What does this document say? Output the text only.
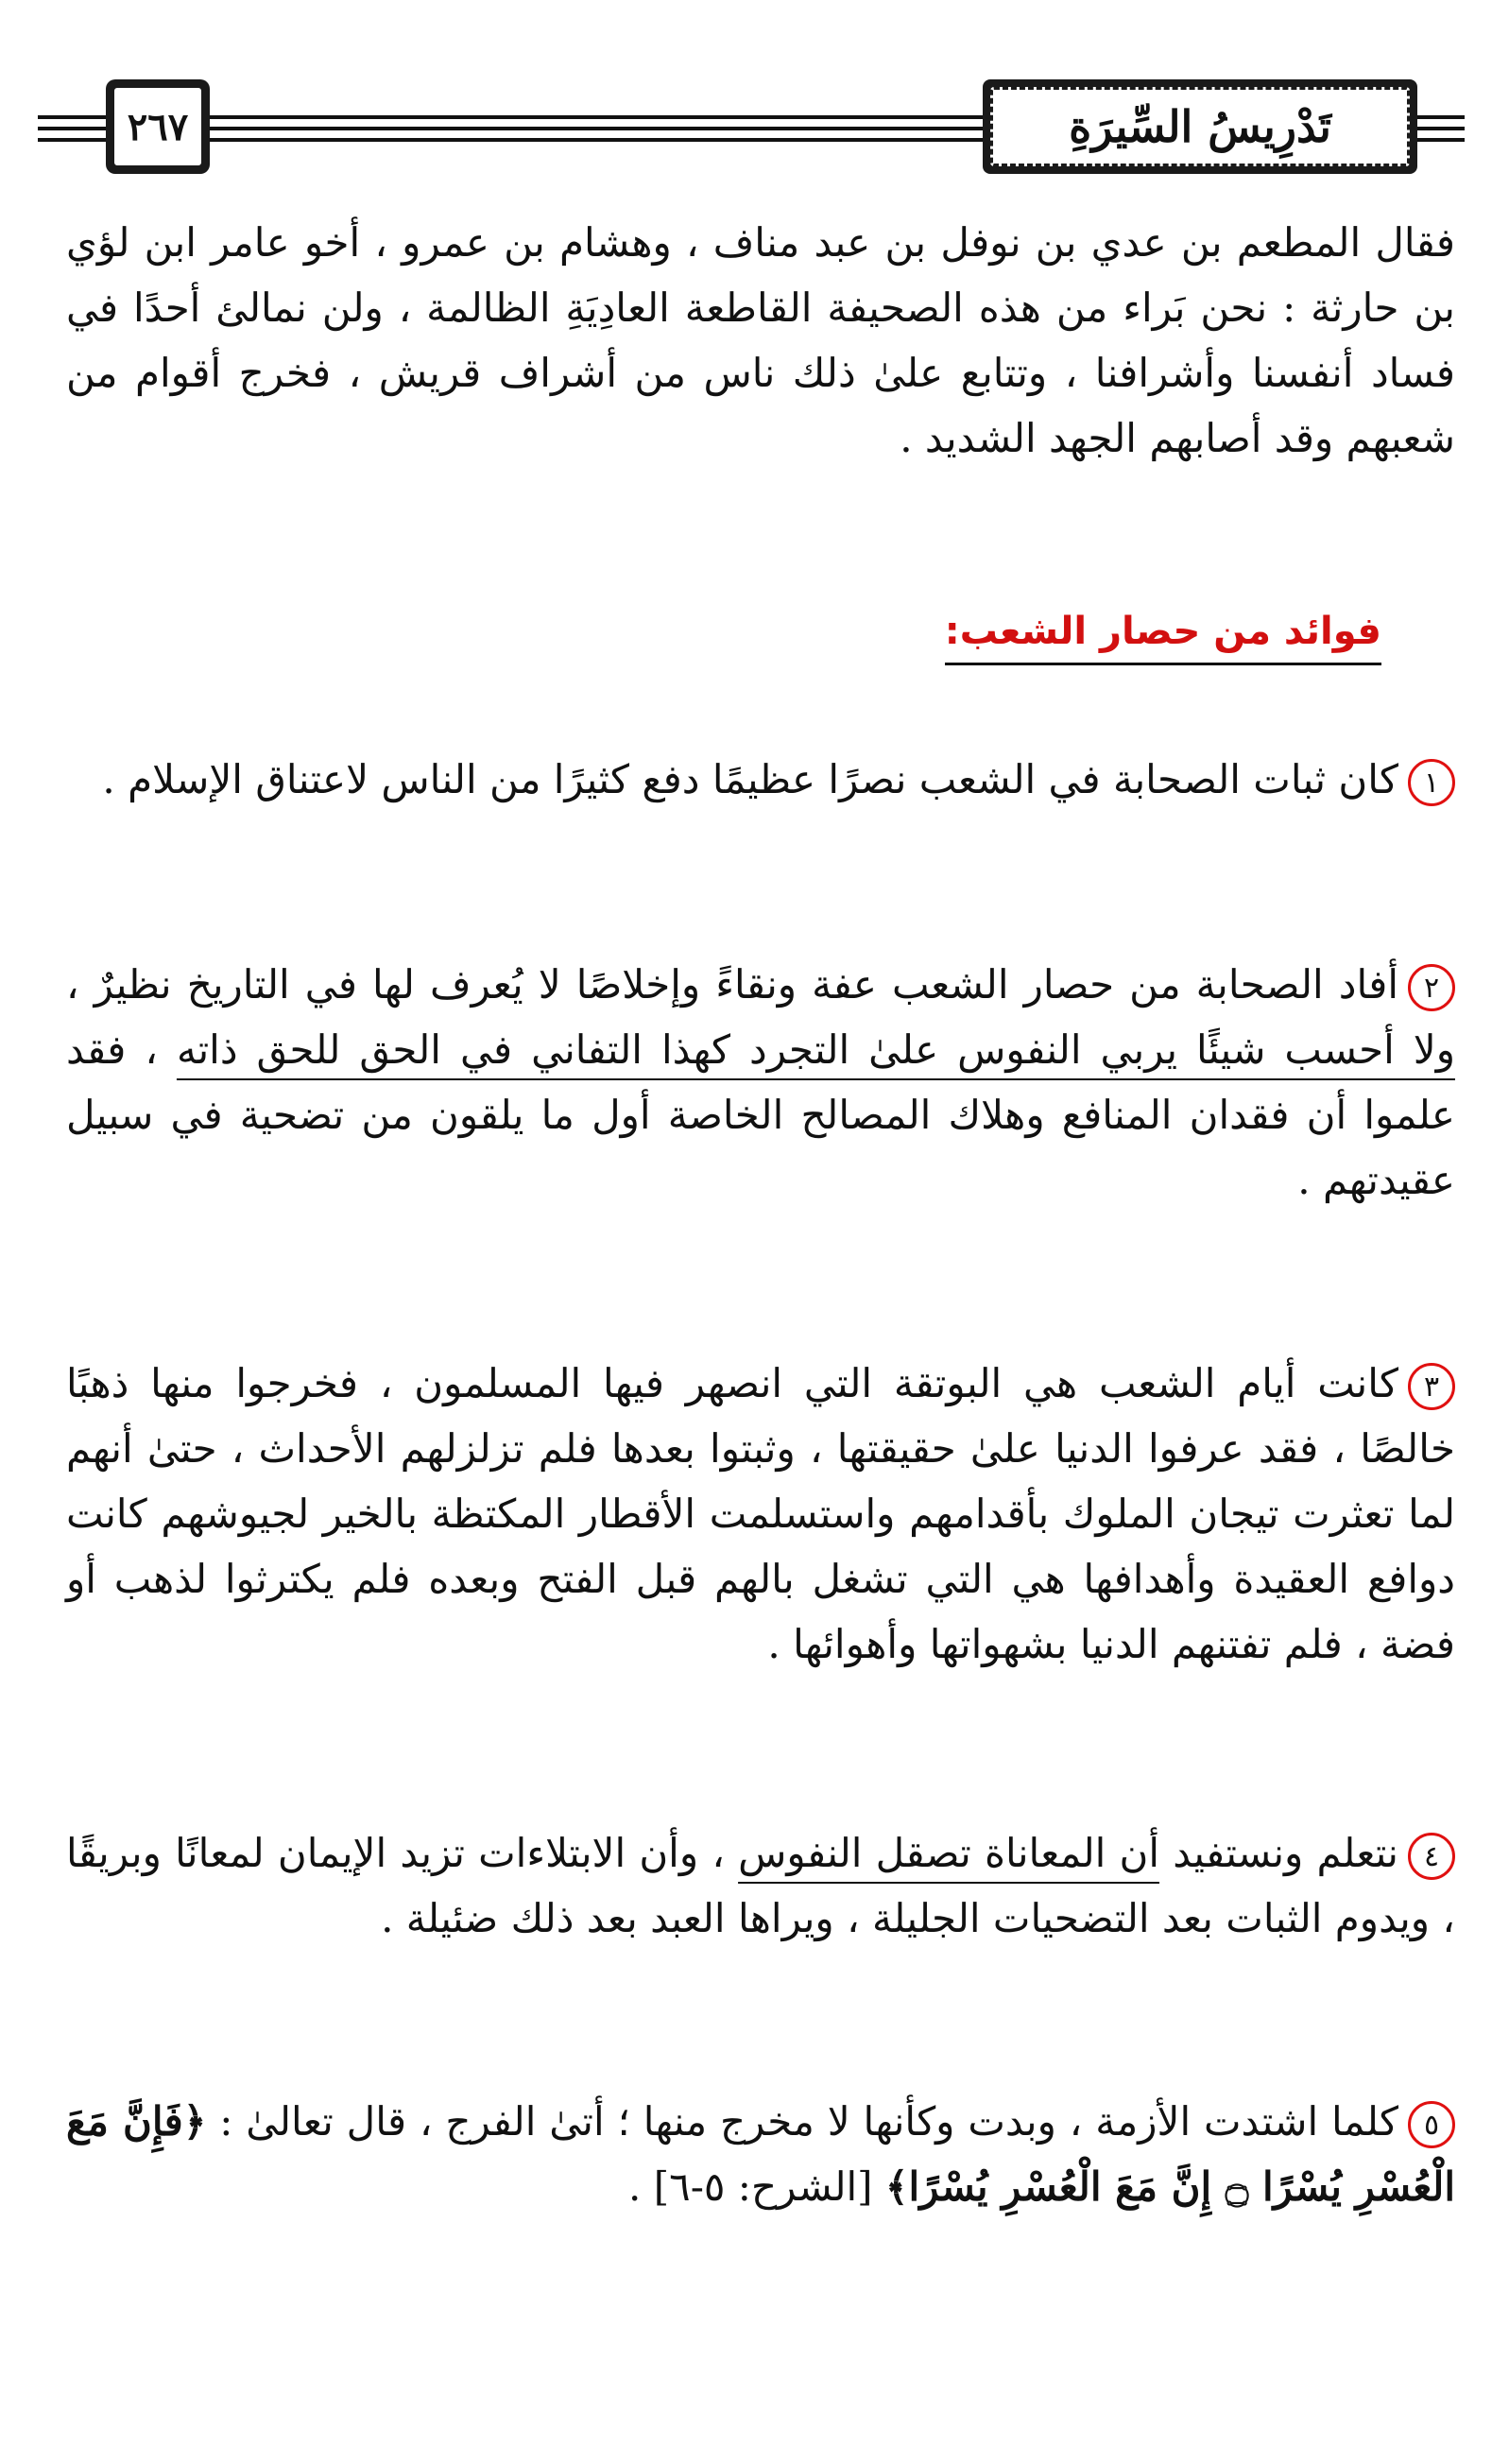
٢٦٧	تَدْرِيسُ السِّيرَةِ
فقال المطعم بن عدي بن نوفل بن عبد مناف ، وهشام بن عمرو ، أخو عامر ابن لؤي بن حارثة : نحن بَراء من هذه الصحيفة القاطعة العادِيَةِ الظالمة ، ولن نمالئ أحدًا في فساد أنفسنا وأشرافنا ، وتتابع علىٰ ذلك ناس من أشراف قريش ، فخرج أقوام من شعبهم وقد أصابهم الجهد الشديد .
فوائد من حصار الشعب:
١كان ثبات الصحابة في الشعب نصرًا عظيمًا دفع كثيرًا من الناس لاعتناق الإسلام .
٢أفاد الصحابة من حصار الشعب عفة ونقاءً وإخلاصًا لا يُعرف لها في التاريخ نظيرٌ ، ولا أحسب شيئًا يربي النفوس علىٰ التجرد كهذا التفاني في الحق للحق ذاته ، فقد علموا أن فقدان المنافع وهلاك المصالح الخاصة أول ما يلقون من تضحية في سبيل عقيدتهم .
٣كانت أيام الشعب هي البوتقة التي انصهر فيها المسلمون ، فخرجوا منها ذهبًا خالصًا ، فقد عرفوا الدنيا علىٰ حقيقتها ، وثبتوا بعدها فلم تزلزلهم الأحداث ، حتىٰ أنهم لما تعثرت تيجان الملوك بأقدامهم واستسلمت الأقطار المكتظة بالخير لجيوشهم كانت دوافع العقيدة وأهدافها هي التي تشغل بالهم قبل الفتح وبعده فلم يكترثوا لذهب أو فضة ، فلم تفتنهم الدنيا بشهواتها وأهوائها .
٤نتعلم ونستفيد أن المعاناة تصقل النفوس ، وأن الابتلاءات تزيد الإيمان لمعانًا وبريقًا ، ويدوم الثبات بعد التضحيات الجليلة ، ويراها العبد بعد ذلك ضئيلة .
٥كلما اشتدت الأزمة ، وبدت وكأنها لا مخرج منها ؛ أتىٰ الفرج ، قال تعالىٰ : ﴿فَإِنَّ مَعَ الْعُسْرِ يُسْرًا ۝ إِنَّ مَعَ الْعُسْرِ يُسْرًا﴾ [الشرح: ٥-٦] .
